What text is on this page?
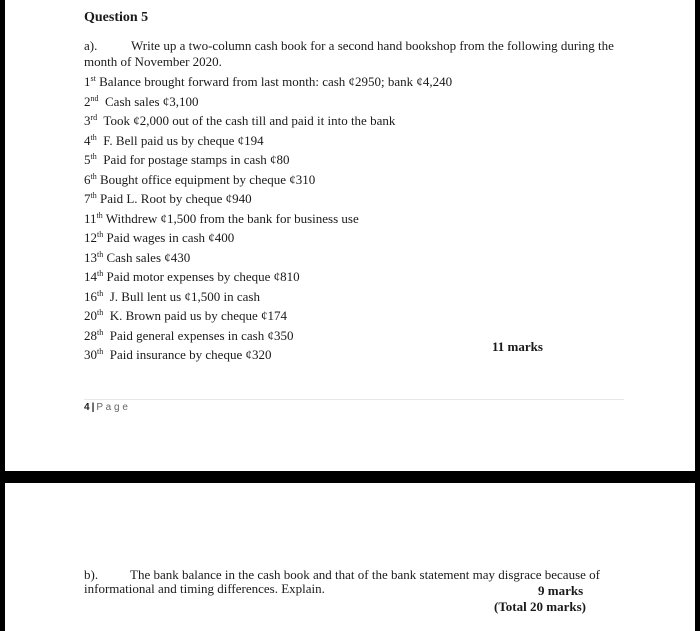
Question 5
a).	Write up a two-column cash book for a second hand bookshop from the following during the month of November 2020.
1st Balance brought forward from last month: cash ¢2950; bank ¢4,240
2nd  Cash sales ¢3,100
3rd  Took ¢2,000 out of the cash till and paid it into the bank
4th  F. Bell paid us by cheque ¢194
5th  Paid for postage stamps in cash ¢80
6th Bought office equipment by cheque ¢310
7th Paid L. Root by cheque ¢940
11th Withdrew ¢1,500 from the bank for business use
12th Paid wages in cash ¢400
13th Cash sales ¢430
14th Paid motor expenses by cheque ¢810
16th  J. Bull lent us ¢1,500 in cash
20th  K. Brown paid us by cheque ¢174
28th  Paid general expenses in cash ¢350
30th  Paid insurance by cheque ¢320
11 marks
4 | P a g e
b). The bank balance in the cash book and that of the bank statement may disgrace because of informational and timing differences. Explain.	9 marks
(Total 20 marks)
